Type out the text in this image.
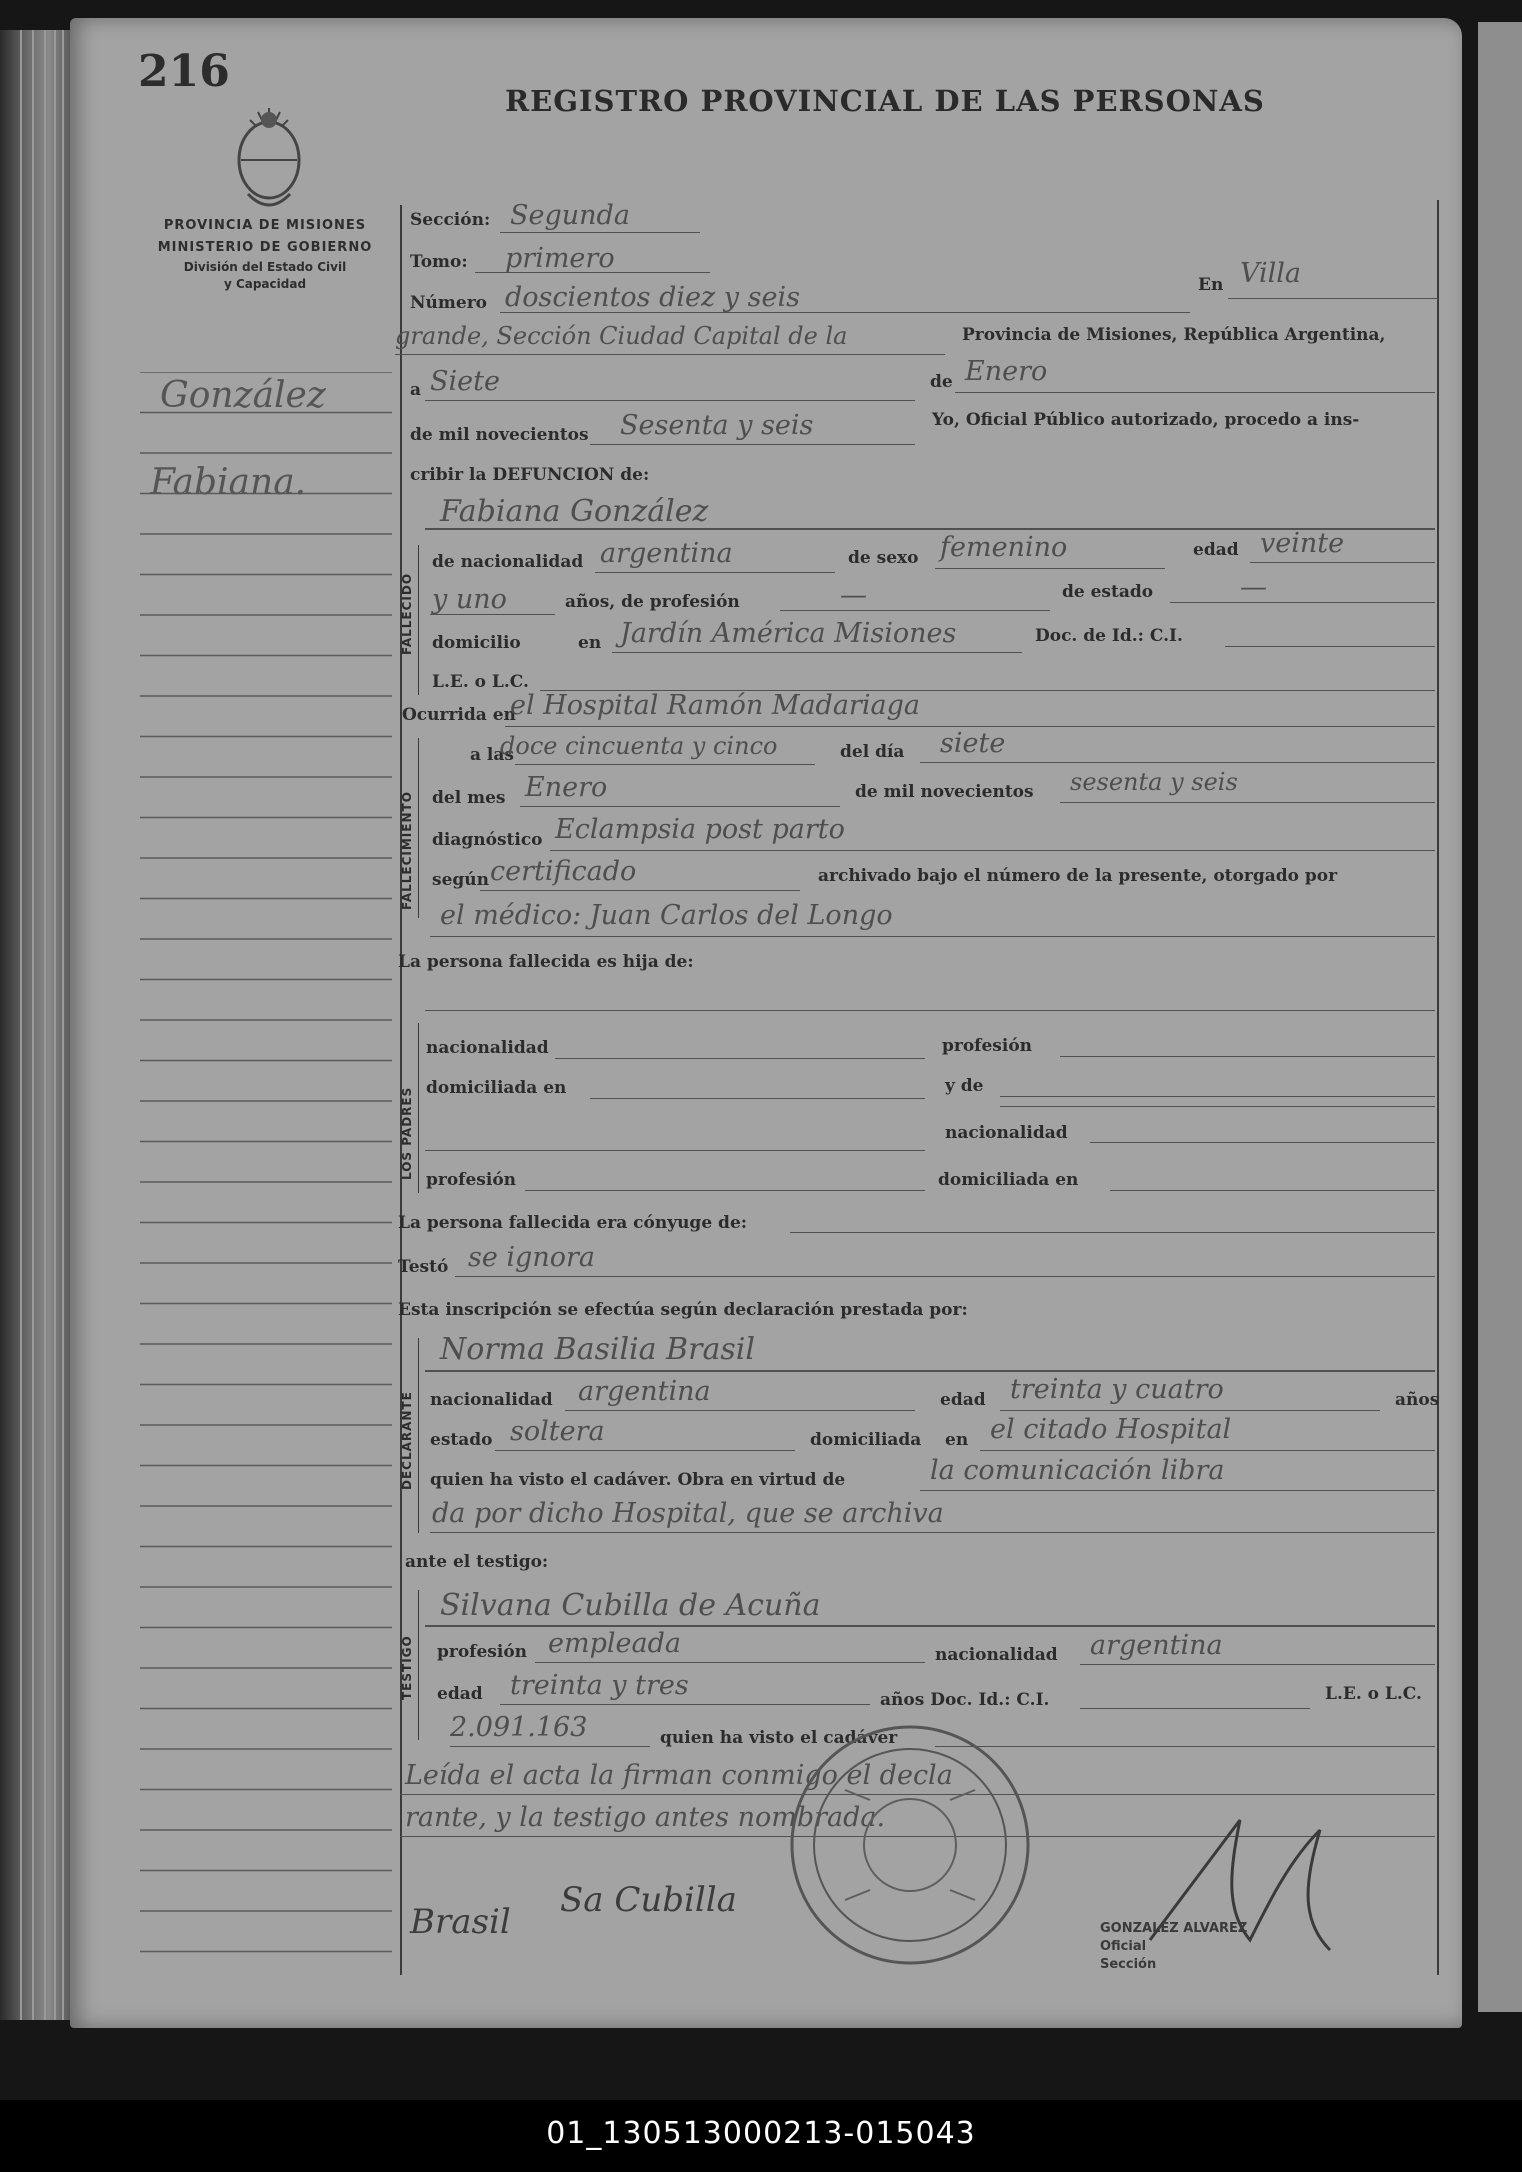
216
REGISTRO PROVINCIAL DE LAS PERSONAS
PROVINCIA DE MISIONES
MINISTERIO DE GOBIERNO
División del Estado Civil
y Capacidad
González
Fabiana.
Sección: Segunda
Tomo: primero
Número doscientos diez y seis	En Villa
grande, Sección Ciudad Capital de la	Provincia de Misiones, República Argentina,
a Siete	de Enero
de mil novecientos Sesenta y seis	Yo, Oficial Público autorizado, procedo a ins-
cribir la DEFUNCION de:
FALLECIDO
Fabiana González
de nacionalidad argentina	de sexo femenino	edad veinte
y uno	años, de profesión	—	de estado	—
domicilio	en Jardín América Misiones	Doc. de Id.: C.I.
L.E. o L.C.
FALLECIMIENTO
Ocurrida en
el Hospital Ramón Madariaga
a las
doce cincuenta y cinco	del día siete
del mes Enero	de mil novecientos sesenta y seis
diagnóstico Eclampsia post parto
según certificado	archivado bajo el número de la presente, otorgado por
el médico: Juan Carlos del Longo
La persona fallecida es hija de:
LOS PADRES
nacionalidad	profesión
domiciliada en	y de
nacionalidad
profesión	domiciliada en
La persona fallecida era cónyuge de:
Testó se ignora
Esta inscripción se efectúa según declaración prestada por:
DECLARANTE
Norma Basilia Brasil
nacionalidad argentina	edad treinta y cuatro	años
estado soltera	domiciliada en el citado Hospital
quien ha visto el cadáver. Obra en virtud de	la comunicación libra
da por dicho Hospital, que se archiva
ante el testigo:
TESTIGO
Silvana Cubilla de Acuña
profesión empleada	nacionalidad argentina
edad treinta y tres	años Doc. Id.: C.I.	L.E. o L.C.
2.091.163	quien ha visto el cadáver
Leída el acta la firman conmigo el decla
rante, y la testigo antes nombrada.
Brasil
Sa Cubilla
GONZALEZ ALVAREZ
Oficial
Sección
01_130513000213-015043
